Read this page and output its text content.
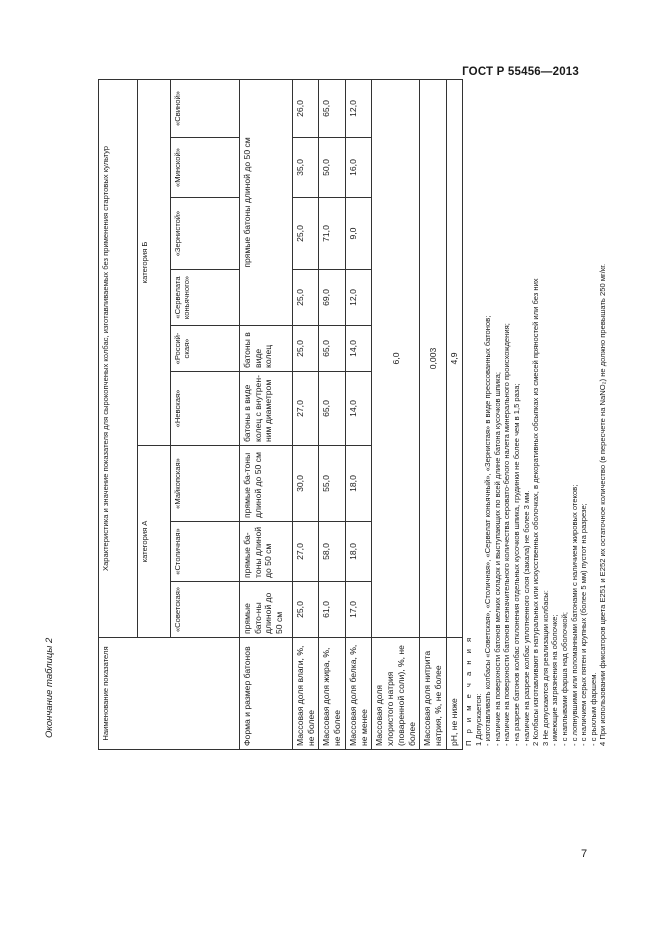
ГОСТ Р 55456—2013
7
Окончание таблицы 2	Наименование показателя	Характеристика и значение показателя для сырокопченых колбас, изготавливаемых без применения стартовых культур								
	категория А			категория Б					
	«Советская»	«Столичная»	«Майкопская»	«Невская»	«Россий-ская»	«Сервелата коньячного»	«Зернистой»	«Минской»	«Свиной»
Форма и размер батонов	прямые бато-ны длиной до 50 см	прямые ба-тоны длиной до 50 см	прямые ба-тоны длиной до 50 см	батоны в виде колец с внутрен-ним диаметром	батоны в виде колец	прямые батоны длиной до 50 см			
Массовая доля влаги, %, не более	25,0	27,0	30,0	27,0	25,0	25,0	25,0	35,0	26,0
Массовая доля жира, %, не более	61,0	58,0	55,0	65,0	65,0	69,0	71,0	50,0	65,0
Массовая доля белка, %, не менее	17,0	18,0	18,0	14,0	14,0	12,0	9,0	16,0	12,0
Массовая доля хлористого натрия (поваренной соли), %, не более	6,0								
Массовая доля нитрита натрия, %, не более	0,003								
pH, не ниже	4,9								
П р и м е ч а н и я 1 Допускается: - изготавливать колбасы «Советская», «Столичная», «Сервелат коньячный», «Зернистая» в виде прессованных батонов; - наличие на поверхности батонов мелких складок и выступающих по всей длине батона кусочков шпика; - наличие на поверхности батонов незначительного количества серовато-белого налета минерального происхождения; - на разрезе батонов колбас отклонения отдельных кусочков шпика, грудинки не более чем в 1,5 раза; - наличие на разрезе колбас уплотненного слоя (закала) не более 3 мм. 2 Колбасы изготавливают в натуральных или искусственных оболочках, в декоративных обсыпках из смесей пряностей или без них 3 Не допускаются для реализации колбасы: - имеющие загрязнения на оболочке; - с наплывами фарша над оболочкой; - с лопнувшими или поломанными батонами с наличием жировых отеков; - с наличием серых пятен и крупных (более 5 мм) пустот на разрезе; - с рыхлым фаршем. 4 При использовании фиксаторов цвета Е251 и Е252 их остаточное количество (в пересчете на NaNO₂) не должно превышать 250 мг/кг.
